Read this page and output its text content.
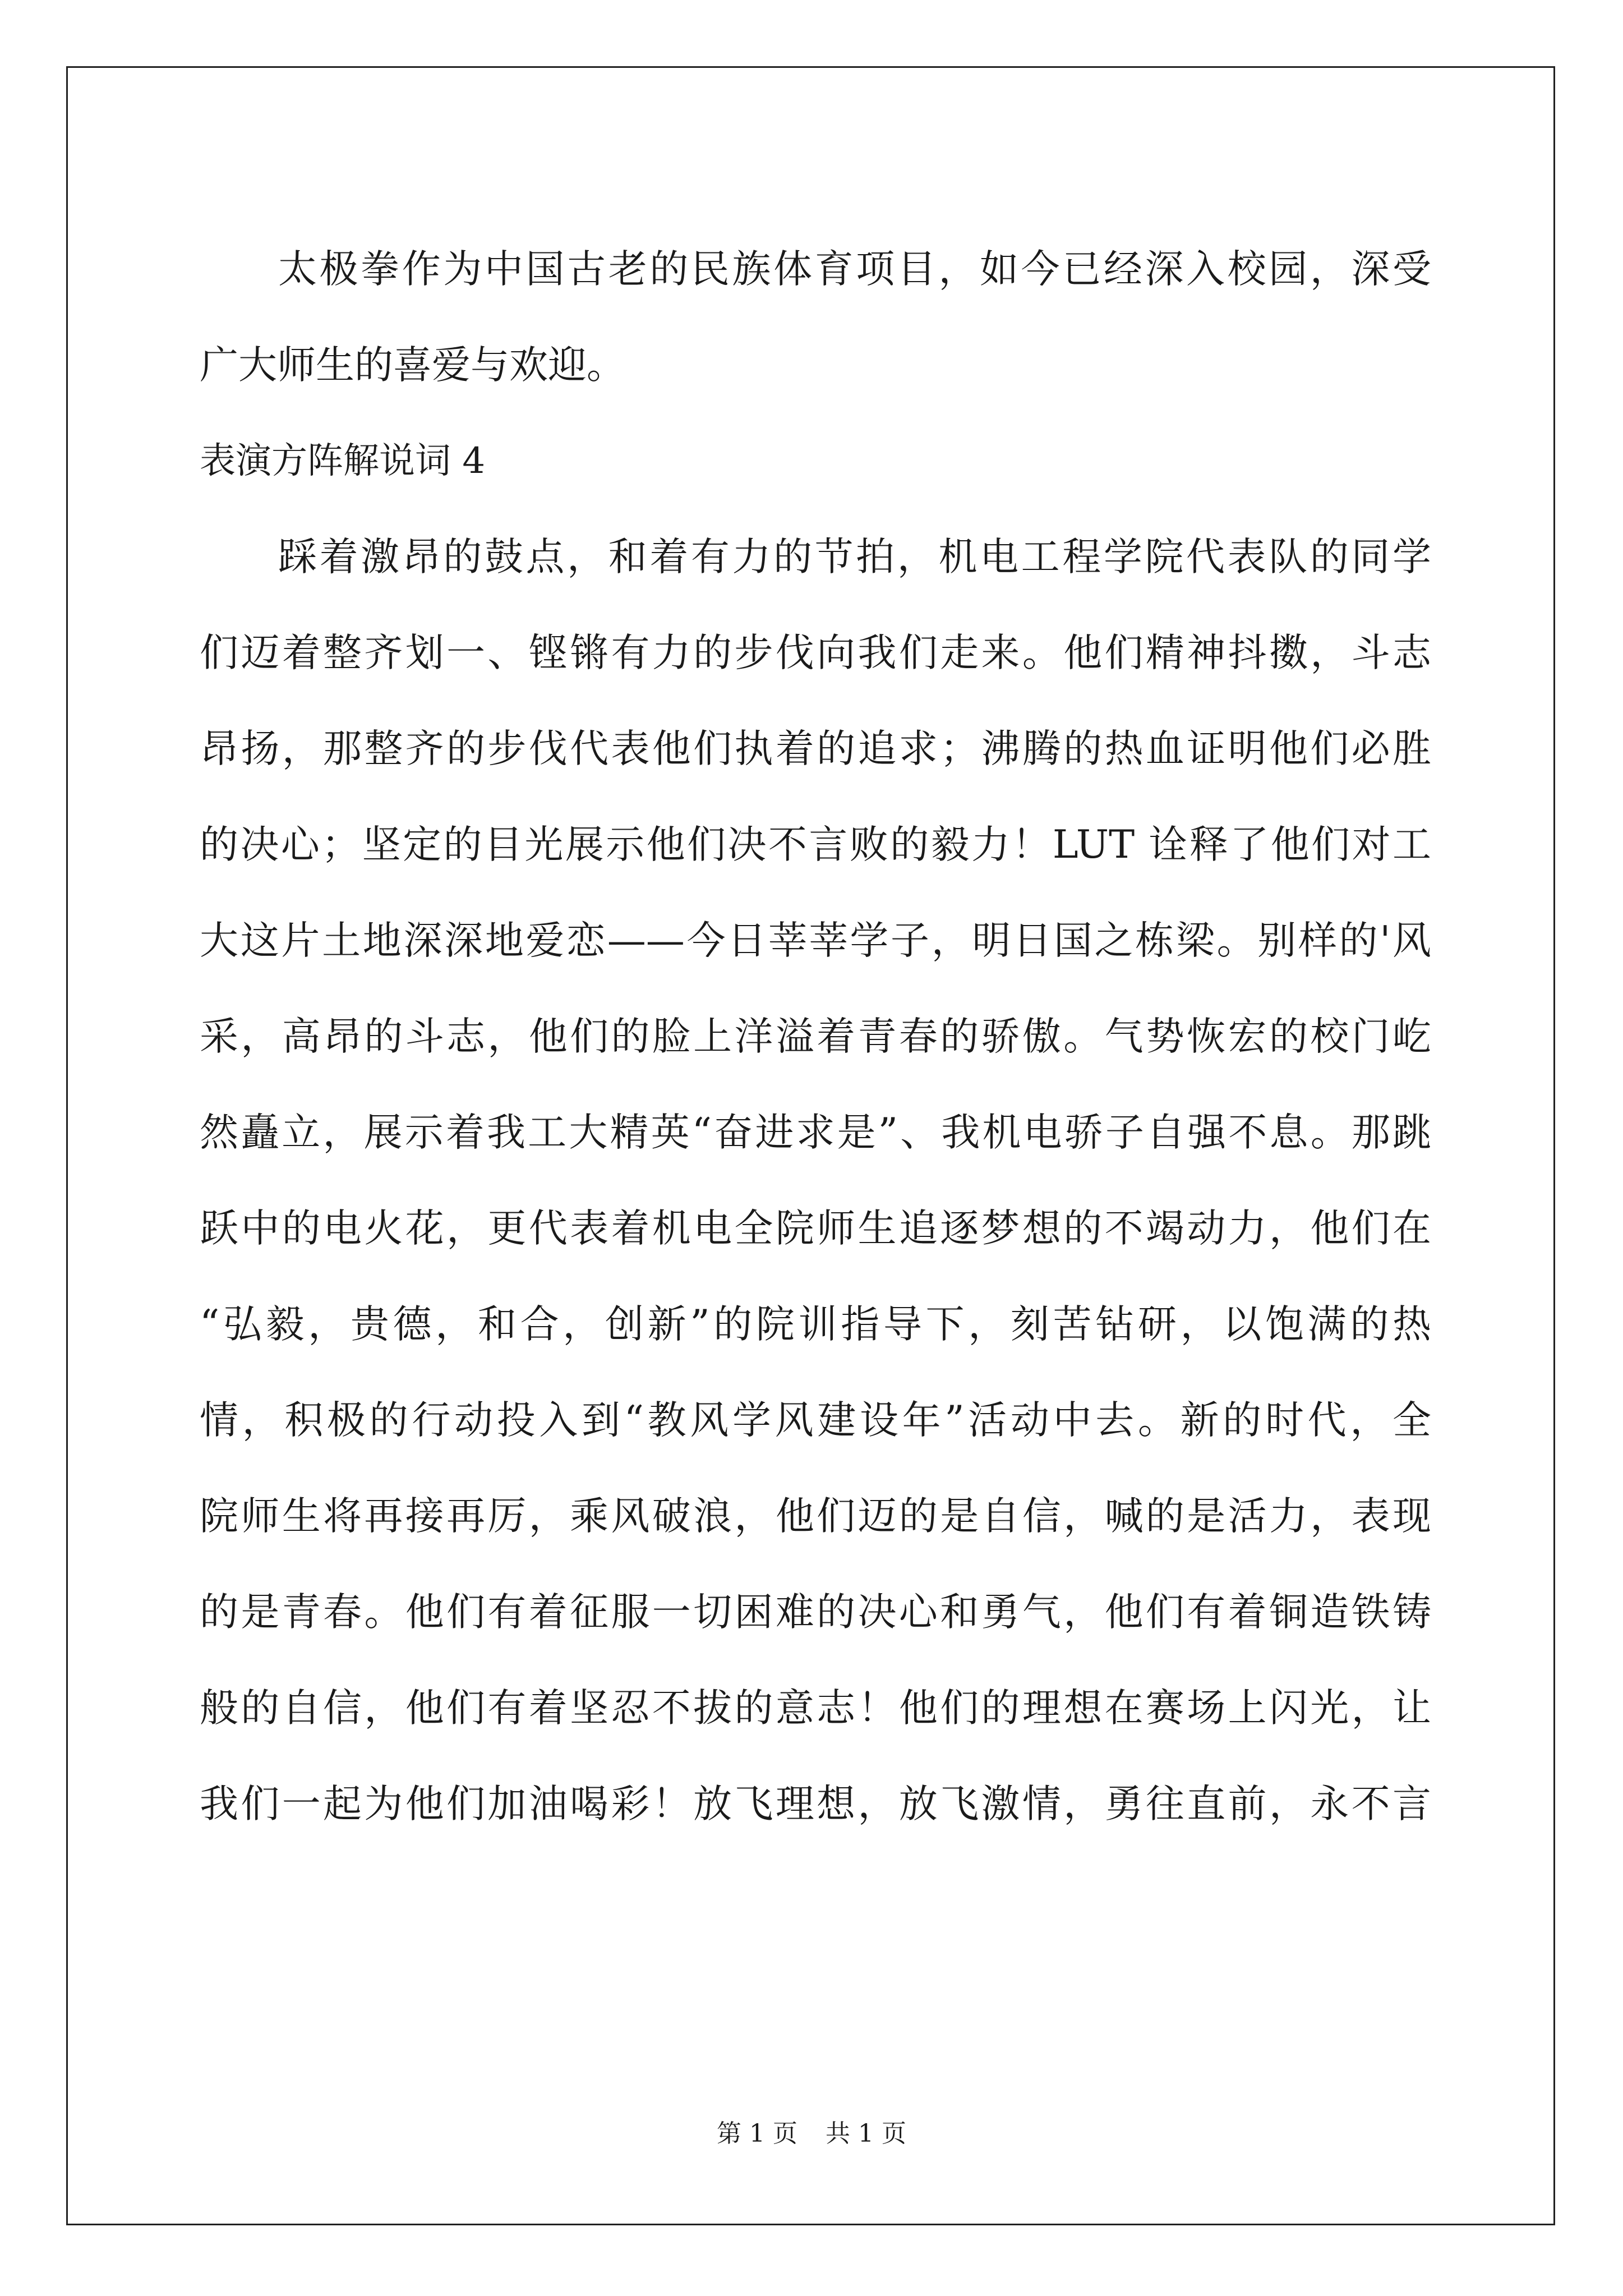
太极拳作为中国古老的民族体育项目，如今已经深入校园，深受
广大师生的喜爱与欢迎。
表演方阵解说词 4
踩着激昂的鼓点，和着有力的节拍，机电工程学院代表队的同学
们迈着整齐划一、铿锵有力的步伐向我们走来。他们精神抖擞，斗志
昂扬，那整齐的步伐代表他们执着的追求；沸腾的热血证明他们必胜
的决心；坚定的目光展示他们决不言败的毅力！LUT 诠释了他们对工
大这片土地深深地爱恋——今日莘莘学子，明日国之栋梁。别样的'风
采，高昂的斗志，他们的脸上洋溢着青春的骄傲。气势恢宏的校门屹
然矗立，展示着我工大精英“奋进求是”、我机电骄子自强不息。那跳
跃中的电火花，更代表着机电全院师生追逐梦想的不竭动力，他们在
“弘毅，贵德，和合，创新”的院训指导下，刻苦钻研，以饱满的热
情，积极的行动投入到“教风学风建设年”活动中去。新的时代，全
院师生将再接再厉，乘风破浪，他们迈的是自信，喊的是活力，表现
的是青春。他们有着征服一切困难的决心和勇气，他们有着铜造铁铸
般的自信，他们有着坚忍不拔的意志！他们的理想在赛场上闪光，让
我们一起为他们加油喝彩！放飞理想，放飞激情，勇往直前，永不言
第 1 页 共 1 页
